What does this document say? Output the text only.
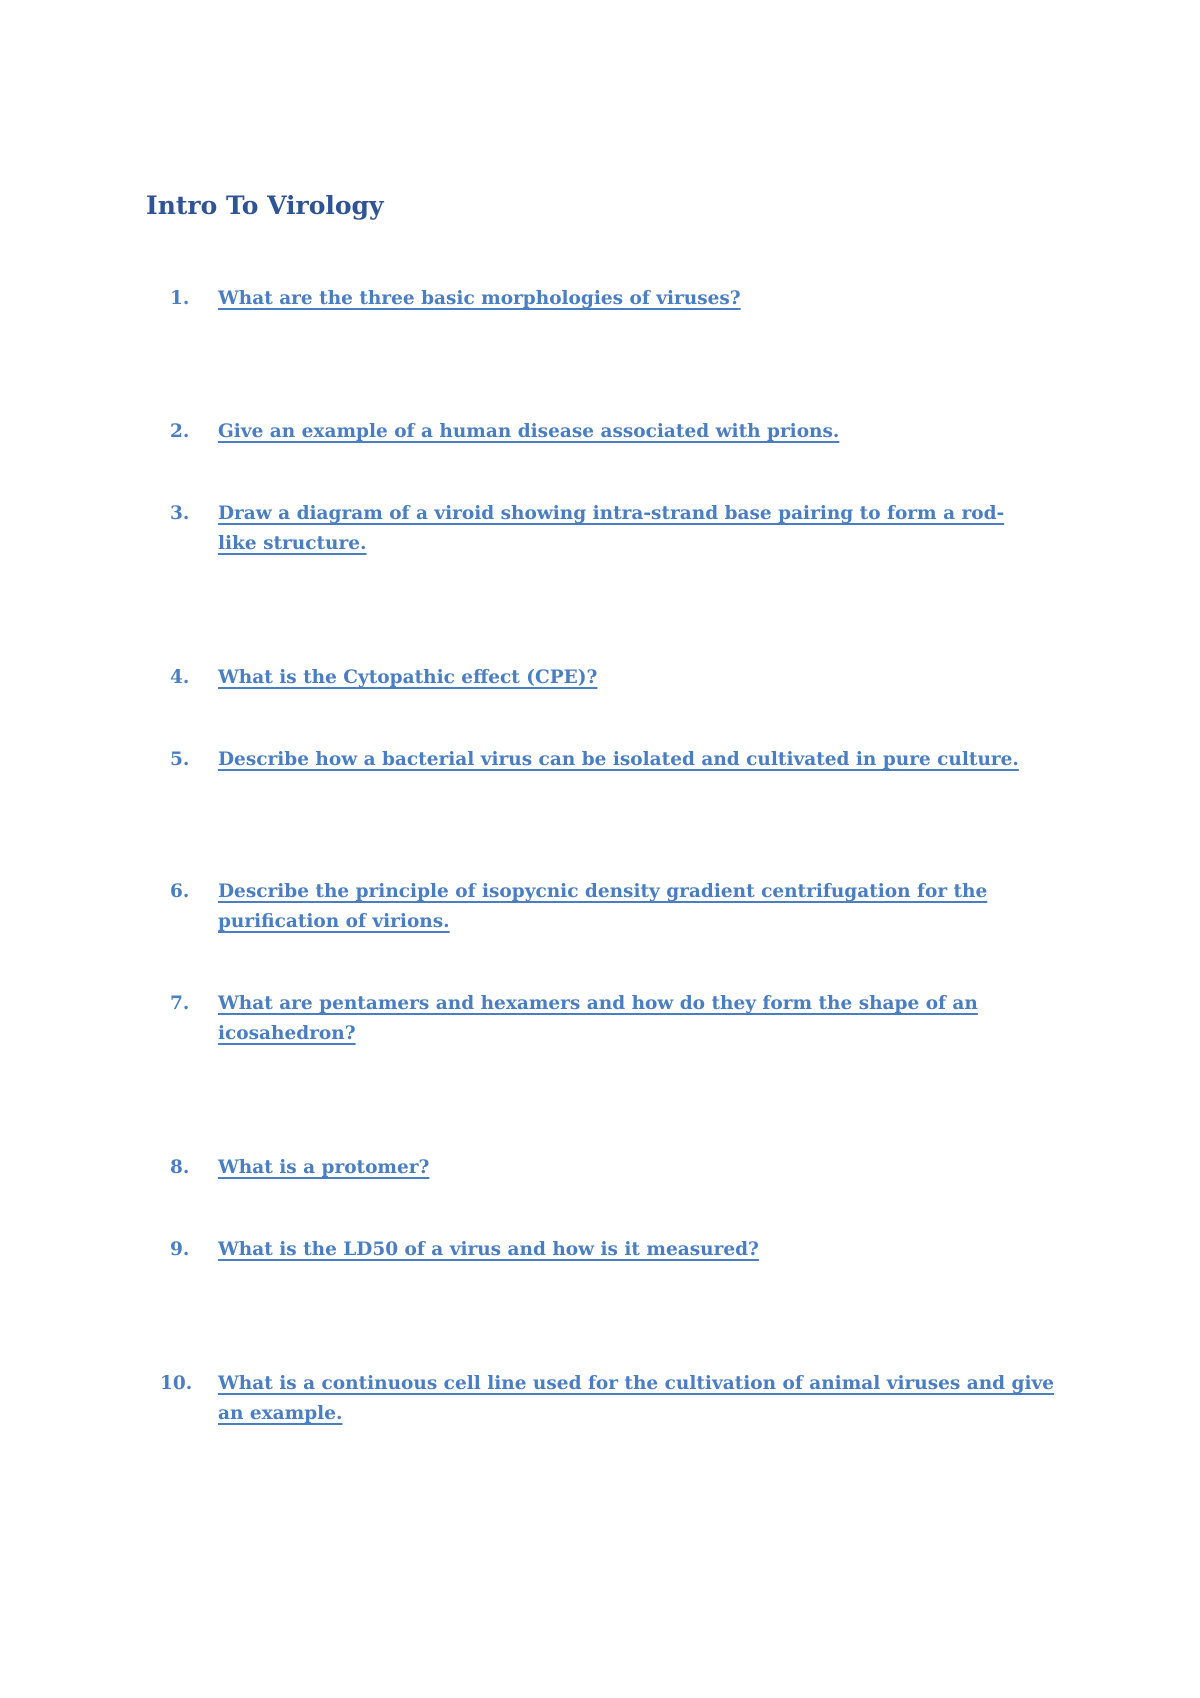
Intro To Virology
1.	What are the three basic morphologies of viruses?
2.	Give an example of a human disease associated with prions.
3.	Draw a diagram of a viroid showing intra-strand base pairing to form a rod-like structure.
4.	What is the Cytopathic effect (CPE)?
5.	Describe how a bacterial virus can be isolated and cultivated in pure culture.
6.	Describe the principle of isopycnic density gradient centrifugation for the purification of virions.
7.	What are pentamers and hexamers and how do they form the shape of an icosahedron?
8.	What is a protomer?
9.	What is the LD50 of a virus and how is it measured?
10.	What is a continuous cell line used for the cultivation of animal viruses and give an example.
